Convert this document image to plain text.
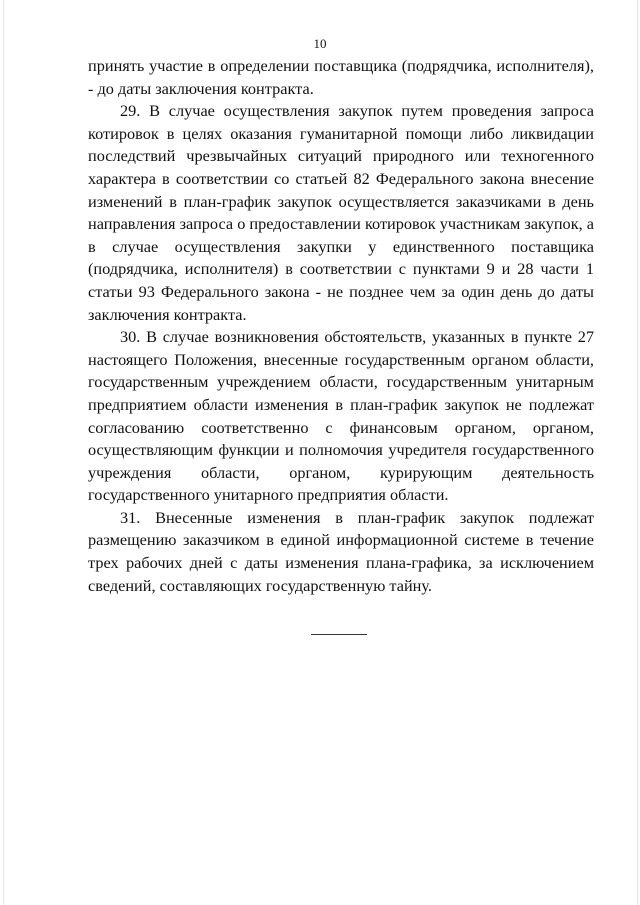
10

принять участие в определении поставщика (подрядчика, исполнителя), - до даты заключения контракта.

29. В случае осуществления закупок путем проведения запроса котировок в целях оказания гуманитарной помощи либо ликвидации последствий чрезвычайных ситуаций природного или техногенного характера в соответствии со статьей 82 Федерального закона внесение изменений в план-график закупок осуществляется заказчиками в день направления запроса о предоставлении котировок участникам закупок, а в случае осуществления закупки у единственного поставщика (подрядчика, исполнителя) в соответствии с пунктами 9 и 28 части 1 статьи 93 Федерального закона - не позднее чем за один день до даты заключения контракта.

30. В случае возникновения обстоятельств, указанных в пункте 27 настоящего Положения, внесенные государственным органом области, государственным учреждением области, государственным унитарным предприятием области изменения в план-график закупок не подлежат согласованию соответственно с финансовым органом, органом, осуществляющим функции и полномочия учредителя государственного учреждения области, органом, курирующим деятельность государственного унитарного предприятия области.

31. Внесенные изменения в план-график закупок подлежат размещению заказчиком в единой информационной системе в течение трех рабочих дней с даты изменения плана-графика, за исключением сведений, составляющих государственную тайну.
